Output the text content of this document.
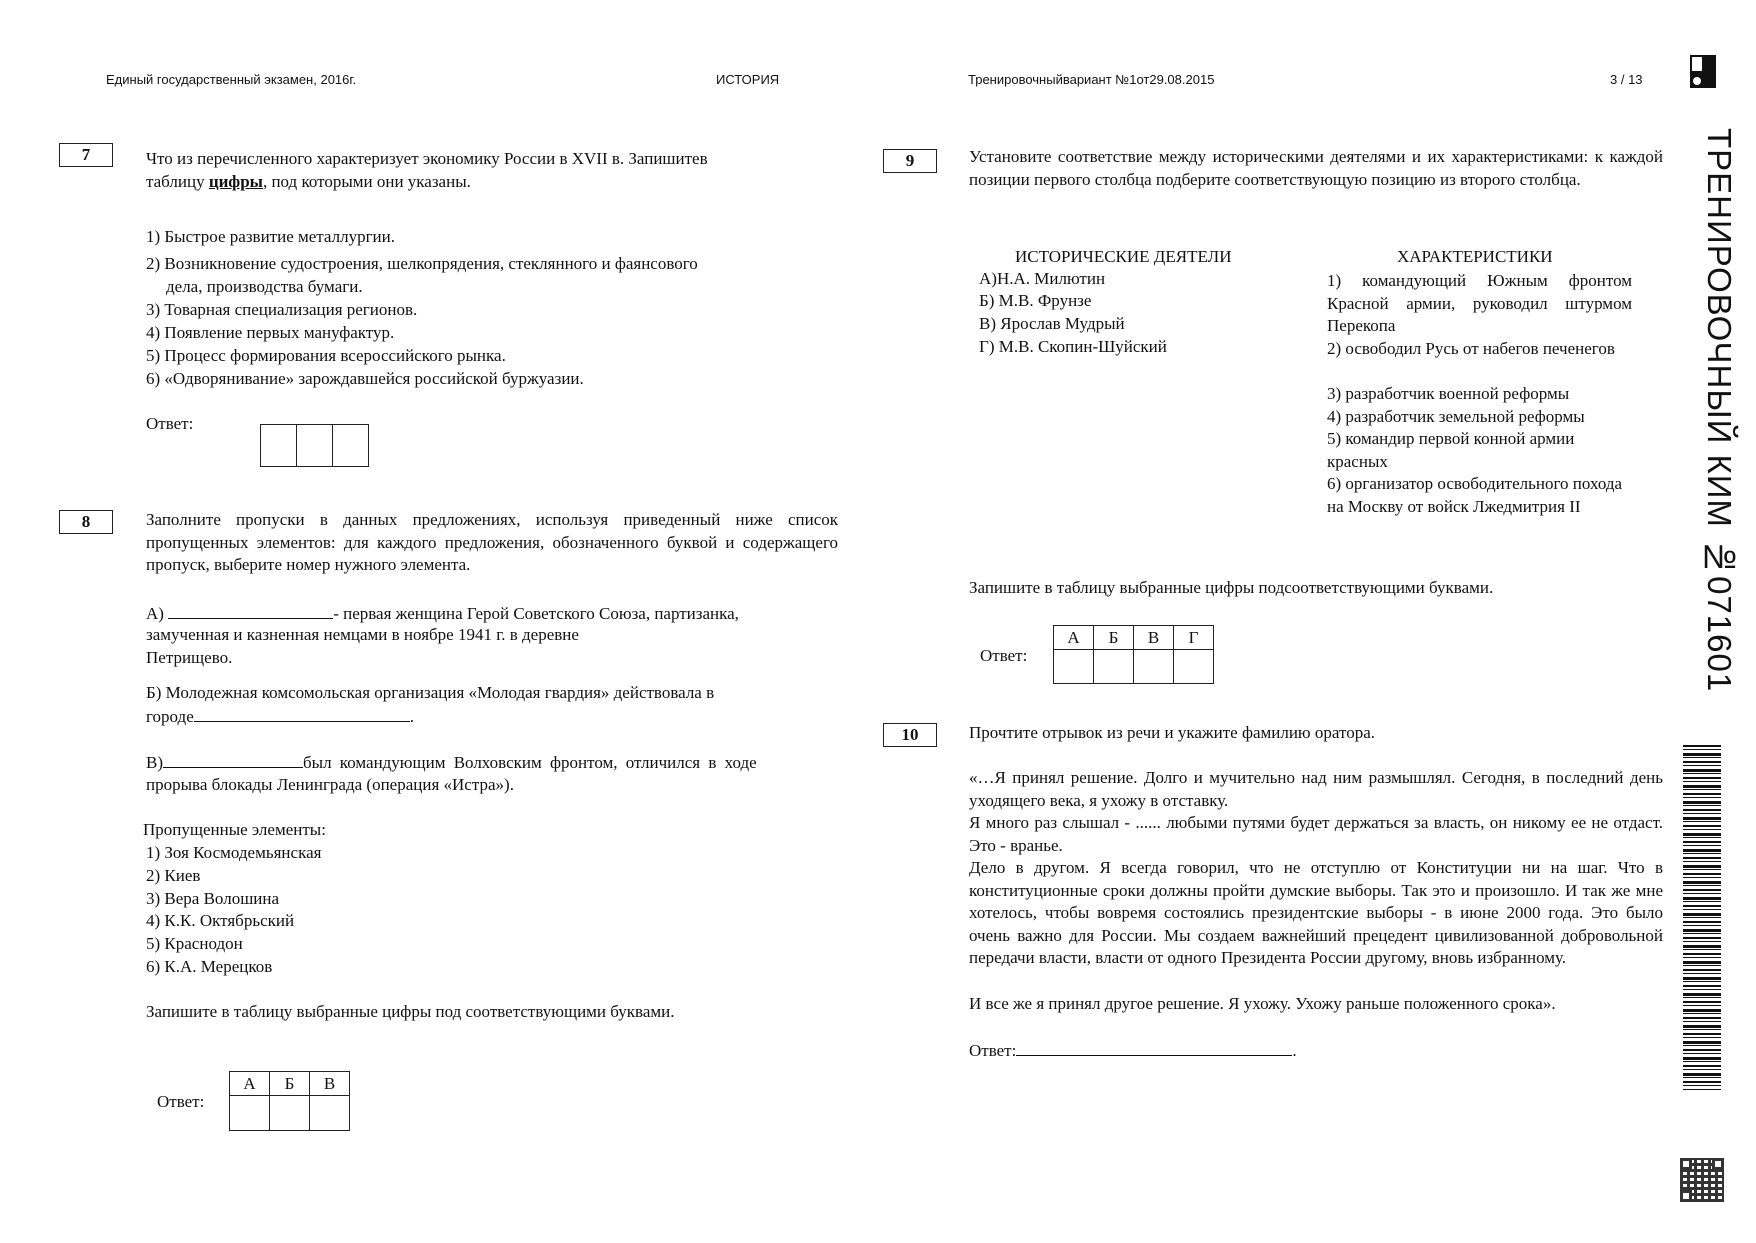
Единый государственный экзамен, 2016г.	ИСТОРИЯ	Тренировочныйвариант №1от29.08.2015	3 / 13
ТРЕНИРОВОЧНЫЙ КИМ №071601
7	Что из перечисленного характеризует экономику России в XVII в. Запишитев
таблицу цифры, под которыми они указаны.
1) Быстрое развитие металлургии.
2) Возникновение судостроения, шелкопрядения, стеклянного и фаянсового
дела, производства бумаги.
3) Товарная специализация регионов.
4) Появление первых мануфактур.
5) Процесс формирования всероссийского рынка.
6) «Одворянивание» зарождавшейся российской буржуазии.
Ответ:

8	Заполните пропуски в данных предложениях, используя приведенный ниже список пропущенных элементов: для каждого предложения, обозначенного буквой и содержащего пропуск, выберите номер нужного элемента.
А)	- первая женщина Герой Советского Союза, партизанка,
замученная и казненная немцами в ноябре 1941 г. в деревне
Петрищево.
Б) Молодежная комсомольская организация «Молодая гвардия» действовала в
городе	.
В)	был командующим Волховским фронтом, отличился в ходе
прорыва блокады Ленинграда (операция «Истра»).
Пропущенные элементы:
1) Зоя Космодемьянская
2) Киев
3) Вера Волошина
4) К.К. Октябрьский
5) Краснодон
6) К.А. Мерецков
Запишите в таблицу выбранные цифры под соответствующими буквами.
Ответ:
А	Б	В

9	Установите соответствие между историческими деятелями и их характеристиками: к каждой позиции первого столбца подберите соответствующую позицию из второго столбца.
ИСТОРИЧЕСКИЕ ДЕЯТЕЛИ	ХАРАКТЕРИСТИКИ
А)Н.А. Милютин
Б) М.В. Фрунзе
В) Ярослав Мудрый
Г) М.В. Скопин-Шуйский
1) командующий Южным фронтом Красной армии, руководил штурмом Перекопа
2) освободил Русь от набегов печенегов
3) разработчик военной реформы
4) разработчик земельной реформы
5) командир первой конной армии красных
6) организатор освободительного похода на Москву от войск Лжедмитрия II
Запишите в таблицу выбранные цифры подсоответствующими буквами.
Ответ:
А	Б	В	Г

10	Прочтите отрывок из речи и укажите фамилию оратора.
«…Я принял решение. Долго и мучительно над ним размышлял. Сегодня, в последний день уходящего века, я ухожу в отставку.
Я много раз слышал - ...... любыми путями будет держаться за власть, он никому ее не отдаст. Это - вранье.
Дело в другом. Я всегда говорил, что не отступлю от Конституции ни на шаг. Что в конституционные сроки должны пройти думские выборы. Так это и произошло. И так же мне хотелось, чтобы вовремя состоялись президентские выборы - в июне 2000 года. Это было очень важно для России. Мы создаем важнейший прецедент цивилизованной добровольной передачи власти, власти от одного Президента России другому, вновь избранному.
И все же я принял другое решение. Я ухожу. Ухожу раньше положенного срока».
Ответ:	.
